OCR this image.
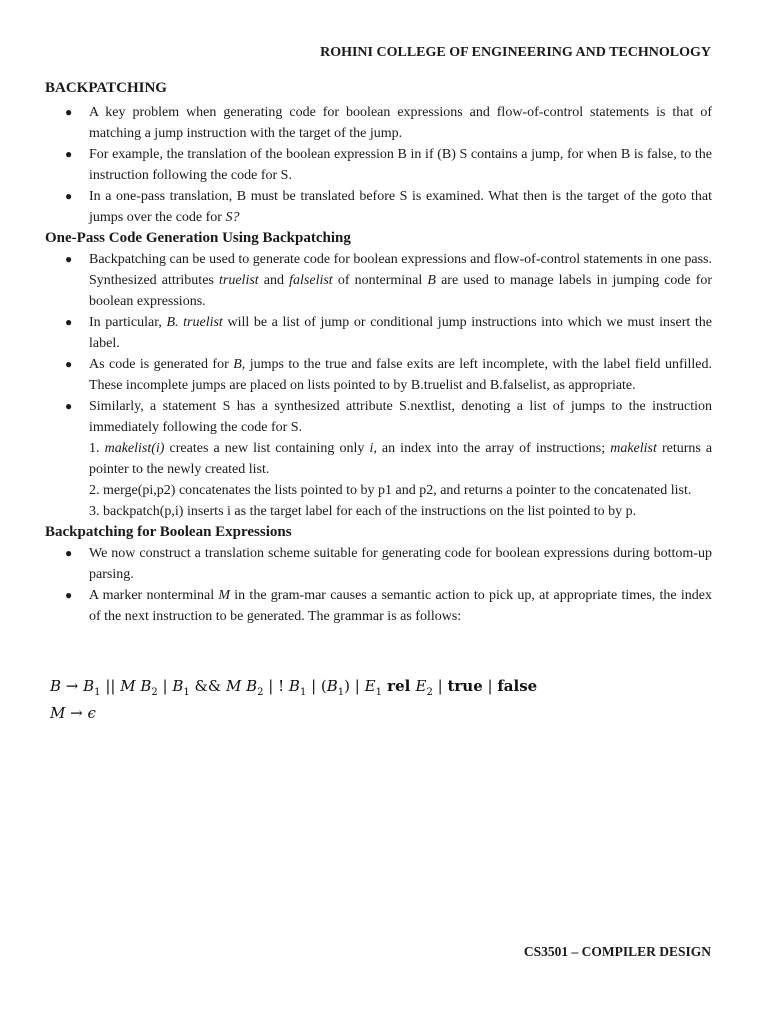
ROHINI COLLEGE OF ENGINEERING AND TECHNOLOGY
BACKPATCHING
● A key problem when generating code for boolean expressions and flow-of-control statements is that of matching a jump instruction with the target of the jump.
● For example, the translation of the boolean expression B in if (B) S contains a jump, for when B is false, to the instruction following the code for S.
● In a one-pass translation, B must be translated before S is examined. What then is the target of the goto that jumps over the code for S?
One-Pass Code Generation Using Backpatching
● Backpatching can be used to generate code for boolean expressions and flow-of-control statements in one pass. Synthesized attributes truelist and falselist of nonterminal B are used to manage labels in jumping code for boolean expressions.
● In particular, B. truelist will be a list of jump or conditional jump instructions into which we must insert the label.
● As code is generated for B, jumps to the true and false exits are left incomplete, with the label field unfilled. These incomplete jumps are placed on lists pointed to by B.truelist and B.falselist, as appropriate.
● Similarly, a statement S has a synthesized attribute S.nextlist, denoting a list of jumps to the instruction immediately following the code for S.
1. makelist(i) creates a new list containing only i, an index into the array of instructions; makelist returns a pointer to the newly created list.
2. merge(pi,p2) concatenates the lists pointed to by p1 and p2, and returns a pointer to the concatenated list.
3. backpatch(p,i) inserts i as the target label for each of the instructions on the list pointed to by p.
Backpatching for Boolean Expressions
● We now construct a translation scheme suitable for generating code for boolean expressions during bottom-up parsing.
● A marker nonterminal M in the gram-mar causes a semantic action to pick up, at appropriate times, the index of the next instruction to be generated. The grammar is as follows:
$B \to B_1$ || M $B_2$ | $B_1$ && M $B_2$ | ! $B_1$ | $(B_1)$ | $E_1$ rel $E_2$ | true | false
M → ϵ
CS3501 – COMPILER DESIGN
